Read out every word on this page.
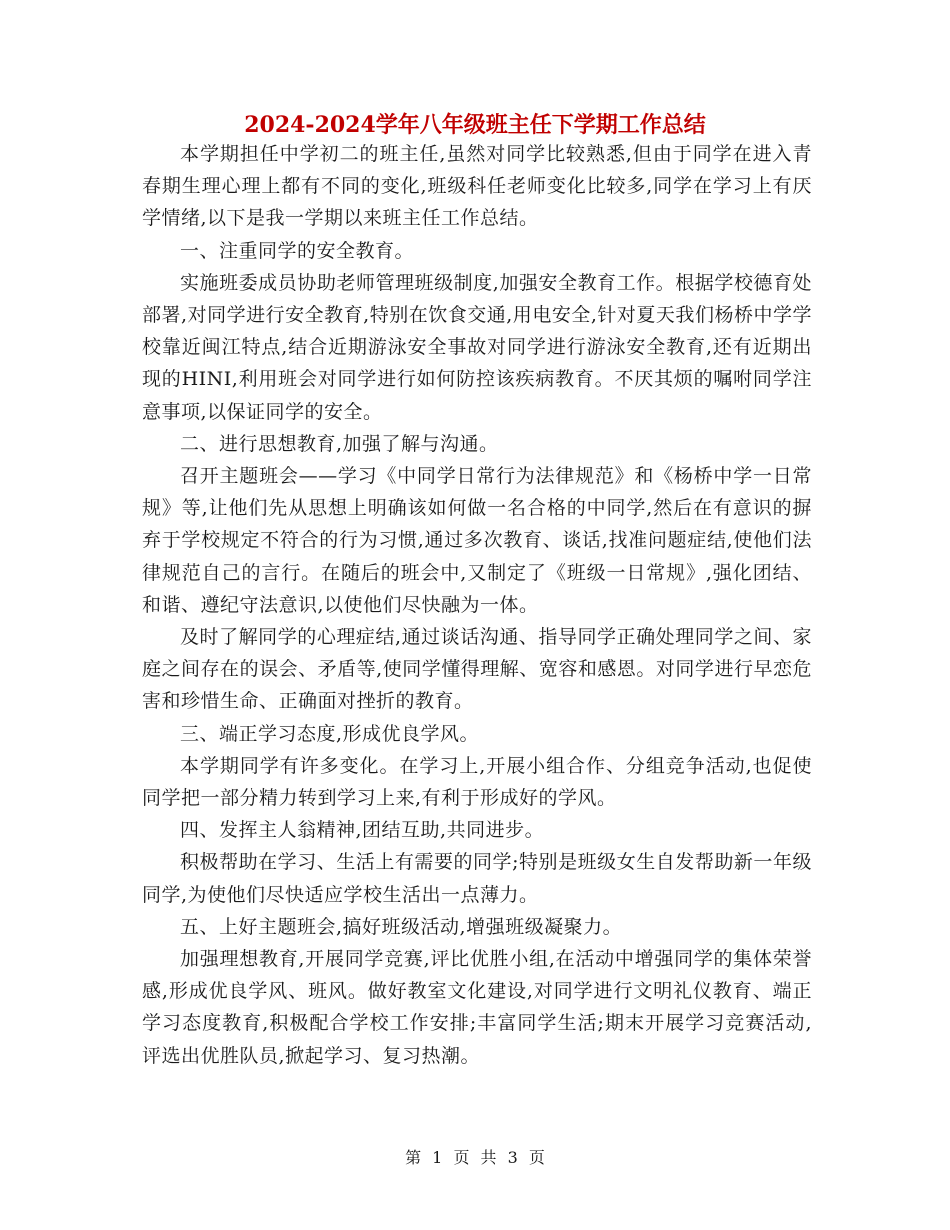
2024-2024学年八年级班主任下学期工作总结

本学期担任中学初二的班主任,虽然对同学比较熟悉,但由于同学在进入青春期生理心理上都有不同的变化,班级科任老师变化比较多,同学在学习上有厌学情绪,以下是我一学期以来班主任工作总结。

一、注重同学的安全教育。

实施班委成员协助老师管理班级制度,加强安全教育工作。根据学校德育处部署,对同学进行安全教育,特别在饮食交通,用电安全,针对夏天我们杨桥中学学校靠近闽江特点,结合近期游泳安全事故对同学进行游泳安全教育,还有近期出现的HINI,利用班会对同学进行如何防控该疾病教育。不厌其烦的嘱咐同学注意事项,以保证同学的安全。

二、进行思想教育,加强了解与沟通。

召开主题班会——学习《中同学日常行为法律规范》和《杨桥中学一日常规》等,让他们先从思想上明确该如何做一名合格的中同学,然后在有意识的摒弃于学校规定不符合的行为习惯,通过多次教育、谈话,找准问题症结,使他们法律规范自己的言行。在随后的班会中,又制定了《班级一日常规》,强化团结、和谐、遵纪守法意识,以使他们尽快融为一体。

及时了解同学的心理症结,通过谈话沟通、指导同学正确处理同学之间、家庭之间存在的误会、矛盾等,使同学懂得理解、宽容和感恩。对同学进行早恋危害和珍惜生命、正确面对挫折的教育。

三、端正学习态度,形成优良学风。

本学期同学有许多变化。在学习上,开展小组合作、分组竞争活动,也促使同学把一部分精力转到学习上来,有利于形成好的学风。

四、发挥主人翁精神,团结互助,共同进步。

积极帮助在学习、生活上有需要的同学;特别是班级女生自发帮助新一年级同学,为使他们尽快适应学校生活出一点薄力。

五、上好主题班会,搞好班级活动,增强班级凝聚力。

加强理想教育,开展同学竞赛,评比优胜小组,在活动中增强同学的集体荣誉感,形成优良学风、班风。做好教室文化建设,对同学进行文明礼仪教育、端正学习态度教育,积极配合学校工作安排;丰富同学生活;期末开展学习竞赛活动,评选出优胜队员,掀起学习、复习热潮。

第 1 页 共 3 页
